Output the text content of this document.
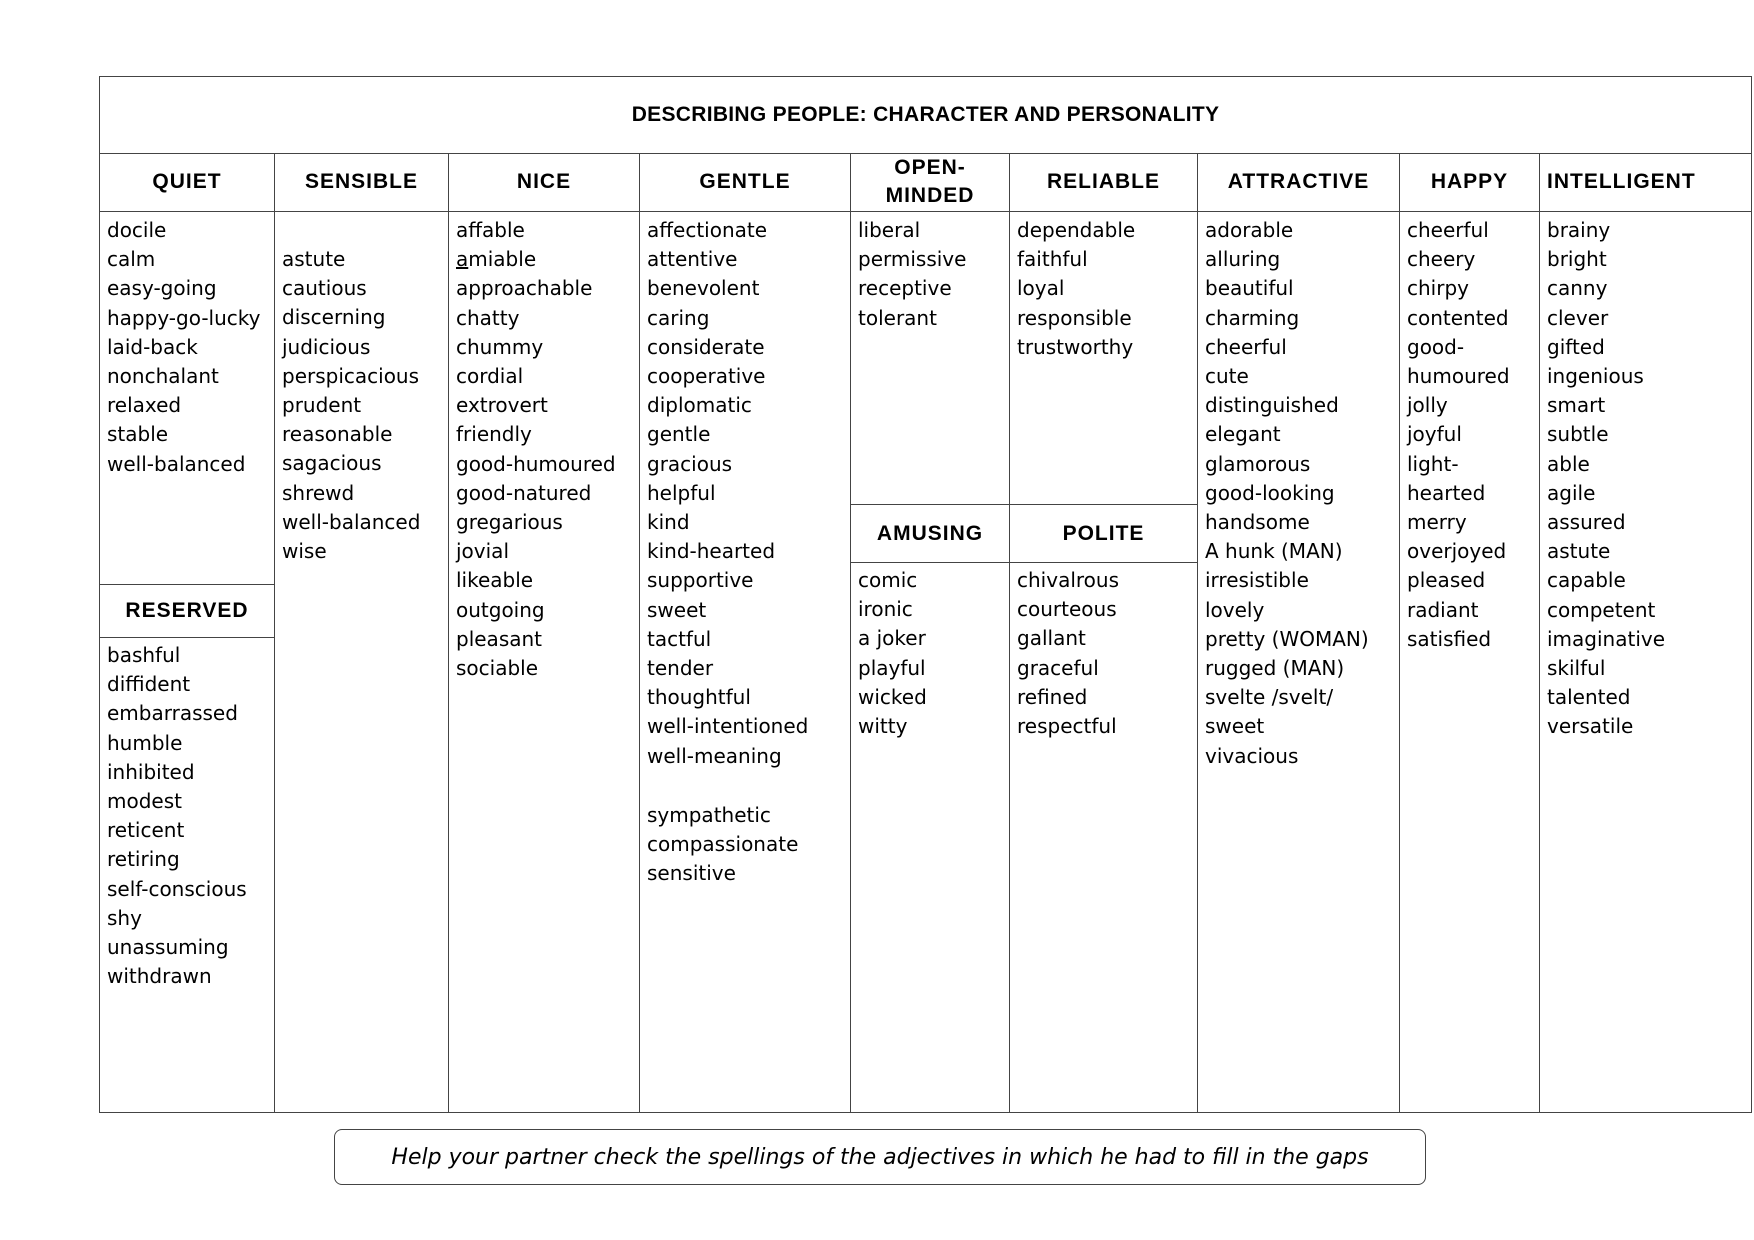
DESCRIBING PEOPLE: CHARACTER AND PERSONALITY
QUIET
docile
calm
easy-going
happy-go-lucky
laid-back
nonchalant
relaxed
stable
well-balanced
RESERVED
bashful
diffident
embarrassed
humble
inhibited
modest
reticent
retiring
self-conscious
shy
unassuming
withdrawn
SENSIBLE
astute
cautious
discerning
judicious
perspicacious
prudent
reasonable
sagacious
shrewd
well-balanced
wise
NICE
affable
amiable
approachable
chatty
chummy
cordial
extrovert
friendly
good-humoured
good-natured
gregarious
jovial
likeable
outgoing
pleasant
sociable
GENTLE
affectionate
attentive
benevolent
caring
considerate
cooperative
diplomatic
gentle
gracious
helpful
kind
kind-hearted
supportive
sweet
tactful
tender
thoughtful
well-intentioned
well-meaning
sympathetic
compassionate
sensitive
OPEN-
MINDED
liberal
permissive
receptive
tolerant
AMUSING
comic
ironic
a joker
playful
wicked
witty
RELIABLE
dependable
faithful
loyal
responsible
trustworthy
POLITE
chivalrous
courteous
gallant
graceful
refined
respectful
ATTRACTIVE
adorable
alluring
beautiful
charming
cheerful
cute
distinguished
elegant
glamorous
good-looking
handsome
A hunk (MAN)
irresistible
lovely
pretty (WOMAN)
rugged (MAN)
svelte /svelt/
sweet
vivacious
HAPPY
cheerful
cheery
chirpy
contented
good-
humoured
jolly
joyful
light-
hearted
merry
overjoyed
pleased
radiant
satisfied
INTELLIGENT
brainy
bright
canny
clever
gifted
ingenious
smart
subtle
able
agile
assured
astute
capable
competent
imaginative
skilful
talented
versatile
Help your partner check the spellings of the adjectives in which he had to fill in the gaps
